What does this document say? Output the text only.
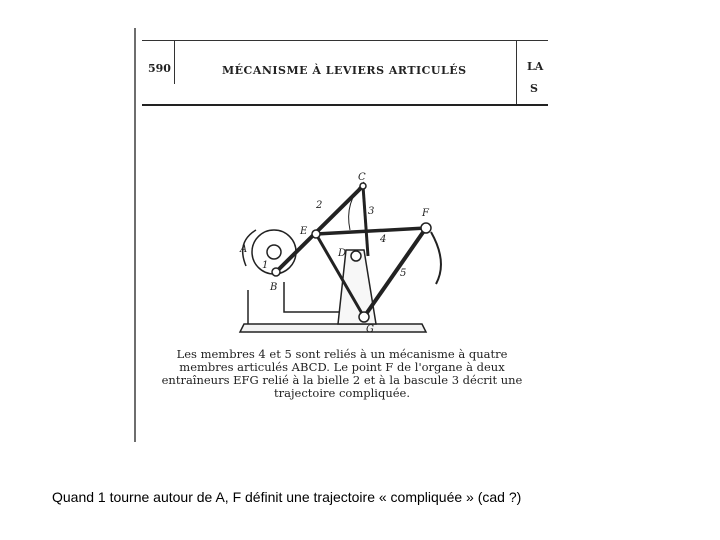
590	MÉCANISME À LEVIERS ARTICULÉS	LA
S
A
B
C
D
E
F
G
1
2
3
4
5
Les membres 4 et 5 sont reliés à un mécanisme à quatre
membres articulés ABCD. Le point F de l'organe à deux
entraîneurs EFG relié à la bielle 2 et à la bascule 3 décrit une
trajectoire compliquée.
Quand 1 tourne autour de A, F définit une trajectoire « compliquée » (cad ?)
